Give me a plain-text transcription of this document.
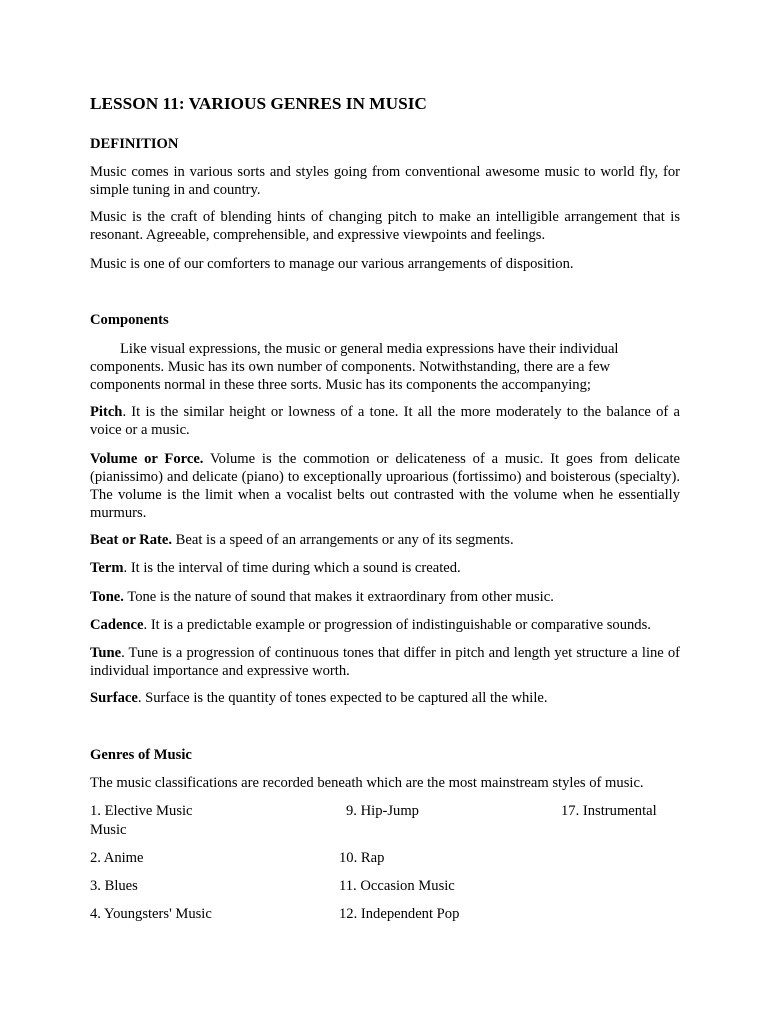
LESSON 11: VARIOUS GENRES IN MUSIC
DEFINITION

Music comes in various sorts and styles going from conventional awesome music to world fly, for simple tuning in and country.

Music is the craft of blending hints of changing pitch to make an intelligible arrangement that is resonant. Agreeable, comprehensible, and expressive viewpoints and feelings.

Music is one of our comforters to manage our various arrangements of disposition.

Components

Like visual expressions, the music or general media expressions have their individual components. Music has its own number of components. Notwithstanding, there are a few components normal in these three sorts. Music has its components the accompanying;

Pitch. It is the similar height or lowness of a tone. It all the more moderately to the balance of a voice or a music.

Volume or Force. Volume is the commotion or delicateness of a music. It goes from delicate (pianissimo) and delicate (piano) to exceptionally uproarious (fortissimo) and boisterous (specialty). The volume is the limit when a vocalist belts out contrasted with the volume when he essentially murmurs.

Beat or Rate. Beat is a speed of an arrangements or any of its segments.

Term. It is the interval of time during which a sound is created.

Tone. Tone is the nature of sound that makes it extraordinary from other music.

Cadence. It is a predictable example or progression of indistinguishable or comparative sounds.

Tune. Tune is a progression of continuous tones that differ in pitch and length yet structure a line of individual importance and expressive worth.

Surface. Surface is the quantity of tones expected to be captured all the while.

Genres of Music

The music classifications are recorded beneath which are the most mainstream styles of music.

1. Elective Music
Music
2. Anime
3. Blues
4. Youngsters' Music
9. Hip-Jump
10. Rap
11. Occasion Music
12. Independent Pop
17. Instrumental
